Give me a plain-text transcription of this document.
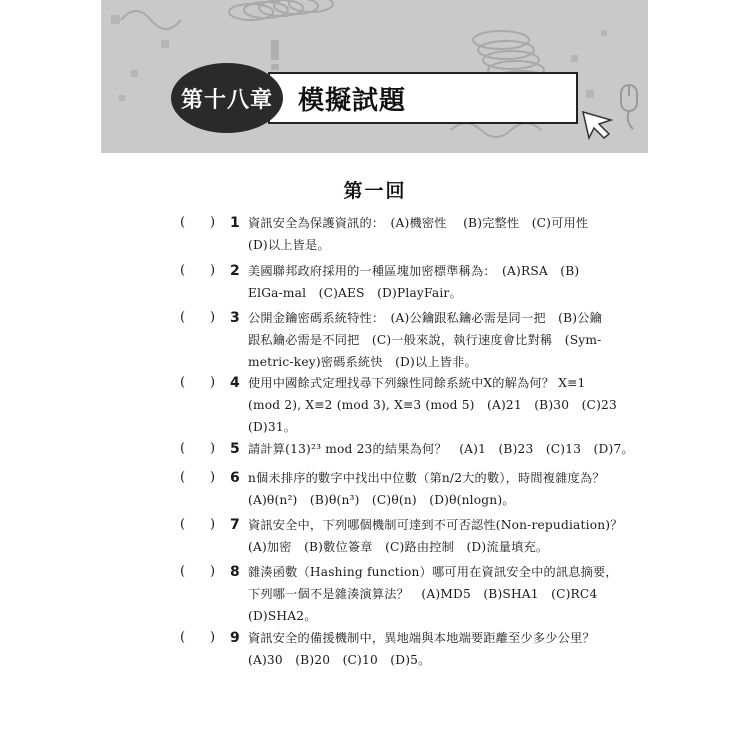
第十八章 模擬試題
第一回
( ) 1 資訊安全為保護資訊的：　(A)機密性　 (B)完整性　(C)可用性
(D)以上皆是。
( ) 2 美國聯邦政府採用的一種區塊加密標準稱為：　(A)RSA　(B)
ElGa-mal　(C)AES　(D)PlayFair。
( ) 3 公開金鑰密碼系統特性：　(A)公鑰跟私鑰必需是同一把　(B)公鑰
跟私鑰必需是不同把　(C)一般來說，執行速度會比對稱　(Sym-
metric-key)密碼系統快　(D)以上皆非。
( ) 4 使用中國餘式定理找尋下列線性同餘系統中X的解為何？ X≡1
(mod 2), X≡2 (mod 3), X≡3 (mod 5)　(A)21　(B)30　(C)23
(D)31。
( ) 5 請計算(13)²³ mod 23的結果為何？　(A)1　(B)23　(C)13　(D)7。
( ) 6 n個未排序的數字中找出中位數（第n/2大的數），時間複雜度為？
(A)θ(n²)　(B)θ(n³)　(C)θ(n)　(D)θ(nlogn)。
( ) 7 資訊安全中，下列哪個機制可達到不可否認性(Non-repudiation)？
(A)加密　(B)數位簽章　(C)路由控制　(D)流量填充。
( ) 8 雜湊函數（Hashing function）哪可用在資訊安全中的訊息摘要，
下列哪一個不是雜湊演算法？　(A)MD5　(B)SHA1　(C)RC4
(D)SHA2。
( ) 9 資訊安全的備援機制中，異地端與本地端要距離至少多少公里？
(A)30　(B)20　(C)10　(D)5。
